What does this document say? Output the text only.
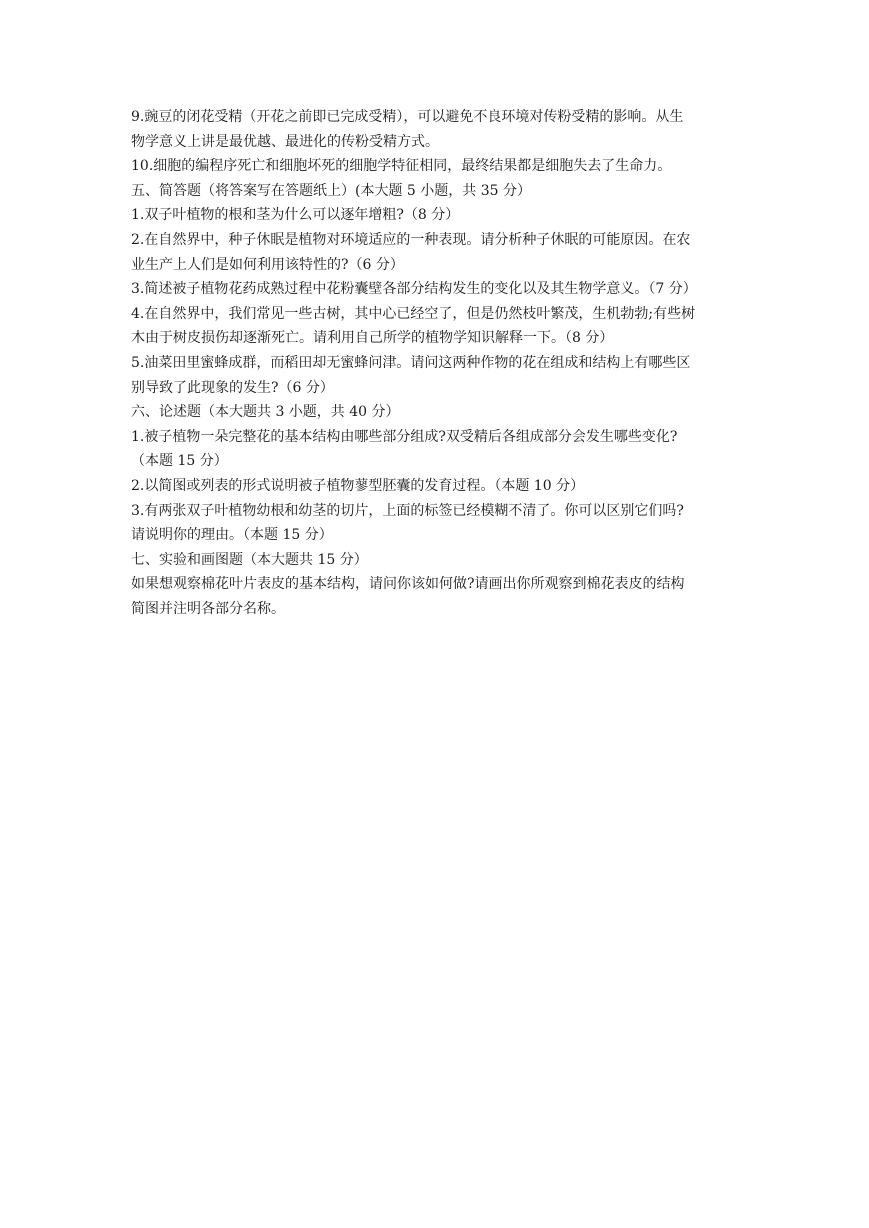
9.豌豆的闭花受精（开花之前即已完成受精），可以避免不良环境对传粉受精的影响。从生
物学意义上讲是最优越、最进化的传粉受精方式。
10.细胞的编程序死亡和细胞坏死的细胞学特征相同，最终结果都是细胞失去了生命力。
五、简答题（将答案写在答题纸上）(本大题 5 小题，共 35 分）
1.双子叶植物的根和茎为什么可以逐年增粗?（8 分）
2.在自然界中，种子休眠是植物对环境适应的一种表现。请分析种子休眠的可能原因。在农
业生产上人们是如何利用该特性的?（6 分）
3.简述被子植物花药成熟过程中花粉囊壁各部分结构发生的变化以及其生物学意义。（7 分）
4.在自然界中，我们常见一些古树，其中心已经空了，但是仍然枝叶繁茂，生机勃勃;有些树
木由于树皮损伤却逐渐死亡。请利用自己所学的植物学知识解释一下。（8 分）
5.油菜田里蜜蜂成群，而稻田却无蜜蜂问津。请问这两种作物的花在组成和结构上有哪些区
别导致了此现象的发生?（6 分）
六、论述题（本大题共 3 小题，共 40 分）
1.被子植物一朵完整花的基本结构由哪些部分组成?双受精后各组成部分会发生哪些变化?
（本题 15 分）
2.以简图或列表的形式说明被子植物蓼型胚囊的发育过程。（本题 10 分）
3.有两张双子叶植物幼根和幼茎的切片，上面的标签已经模糊不清了。你可以区别它们吗?
请说明你的理由。（本题 15 分）
七、实验和画图题（本大题共 15 分）
如果想观察棉花叶片表皮的基本结构，请问你该如何做?请画出你所观察到棉花表皮的结构
简图并注明各部分名称。
